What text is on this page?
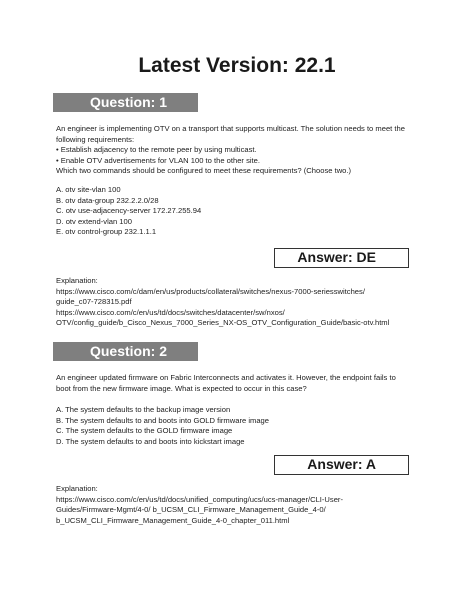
Latest Version: 22.1
Question: 1
An engineer is implementing OTV on a transport that supports multicast. The solution needs to meet the
following requirements:
• Establish adjacency to the remote peer by using multicast.
• Enable OTV advertisements for VLAN 100 to the other site.
Which two commands should be configured to meet these requirements? (Choose two.)
A. otv site-vlan 100
B. otv data-group 232.2.2.0/28
C. otv use-adjacency-server 172.27.255.94
D. otv extend-vlan 100
E. otv control-group 232.1.1.1
Answer: DE
Explanation:
https://www.cisco.com/c/dam/en/us/products/collateral/switches/nexus-7000-seriesswitches/
guide_c07-728315.pdf
https://www.cisco.com/c/en/us/td/docs/switches/datacenter/sw/nxos/
OTV/config_guide/b_Cisco_Nexus_7000_Series_NX-OS_OTV_Configuration_Guide/basic-otv.html
Question: 2
An engineer updated firmware on Fabric Interconnects and activates it. However, the endpoint fails to
boot from the new firmware image. What is expected to occur in this case?
A. The system defaults to the backup image version
B. The system defaults to and boots into GOLD firmware image
C. The system defaults to the GOLD firmware image
D. The system defaults to and boots into kickstart image
Answer: A
Explanation:
https://www.cisco.com/c/en/us/td/docs/unified_computing/ucs/ucs-manager/CLI-User-
Guides/Firmware-Mgmt/4-0/ b_UCSM_CLI_Firmware_Management_Guide_4-0/
b_UCSM_CLI_Firmware_Management_Guide_4-0_chapter_011.html
